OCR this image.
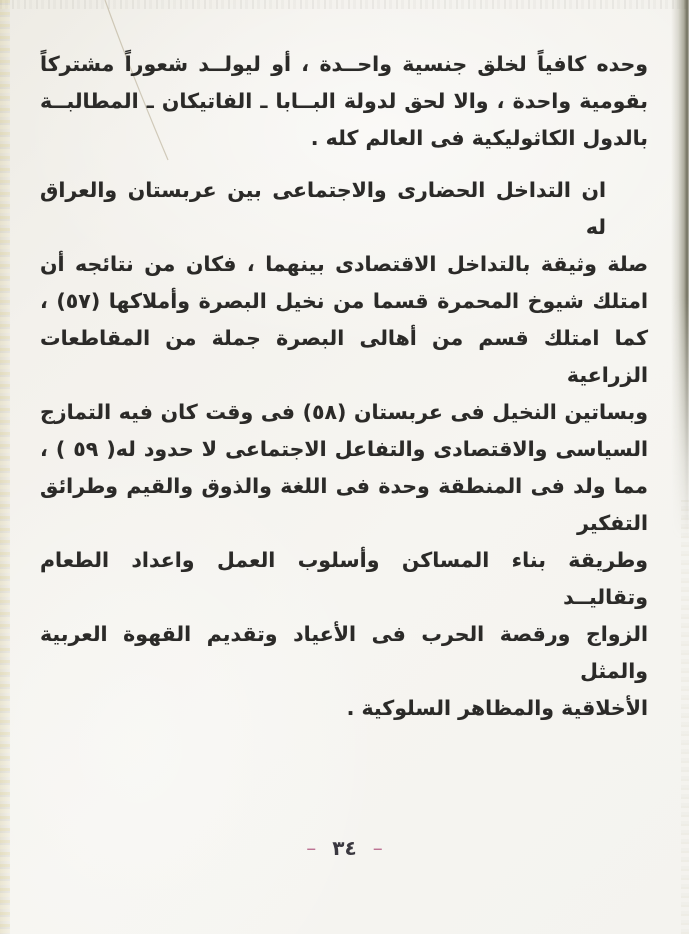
وحده كافياً لخلق جنسية واحــدة ، أو ليولــد شعوراً مشتركاً
بقومية واحدة ، والا لحق لدولة البــابا ـ الفاتيكان ـ المطالبــة
بالدول الكاثوليكية فى العالم كله .
ان التداخل الحضارى والاجتماعى بين عربستان والعراق له
صلة وثيقة بالتداخل الاقتصادى بينهما ، فكان من نتائجه أن
امتلك شيوخ المحمرة قسما من نخيل البصرة وأملاكها (٥٧) ،
كما امتلك قسم من أهالى البصرة جملة من المقاطعات الزراعية
وبساتين النخيل فى عربستان (٥٨) فى وقت كان فيه التمازج
السياسى والاقتصادى والتفاعل الاجتماعى لا حدود له( ٥٩ ) ،
مما ولد فى المنطقة وحدة فى اللغة والذوق والقيم وطرائق التفكير
وطريقة بناء المساكن وأسلوب العمل واعداد الطعام وتقاليــد
الزواج ورقصة الحرب فى الأعياد وتقديم القهوة العربية والمثل
الأخلاقية والمظاهر السلوكية .
–٣٤–
